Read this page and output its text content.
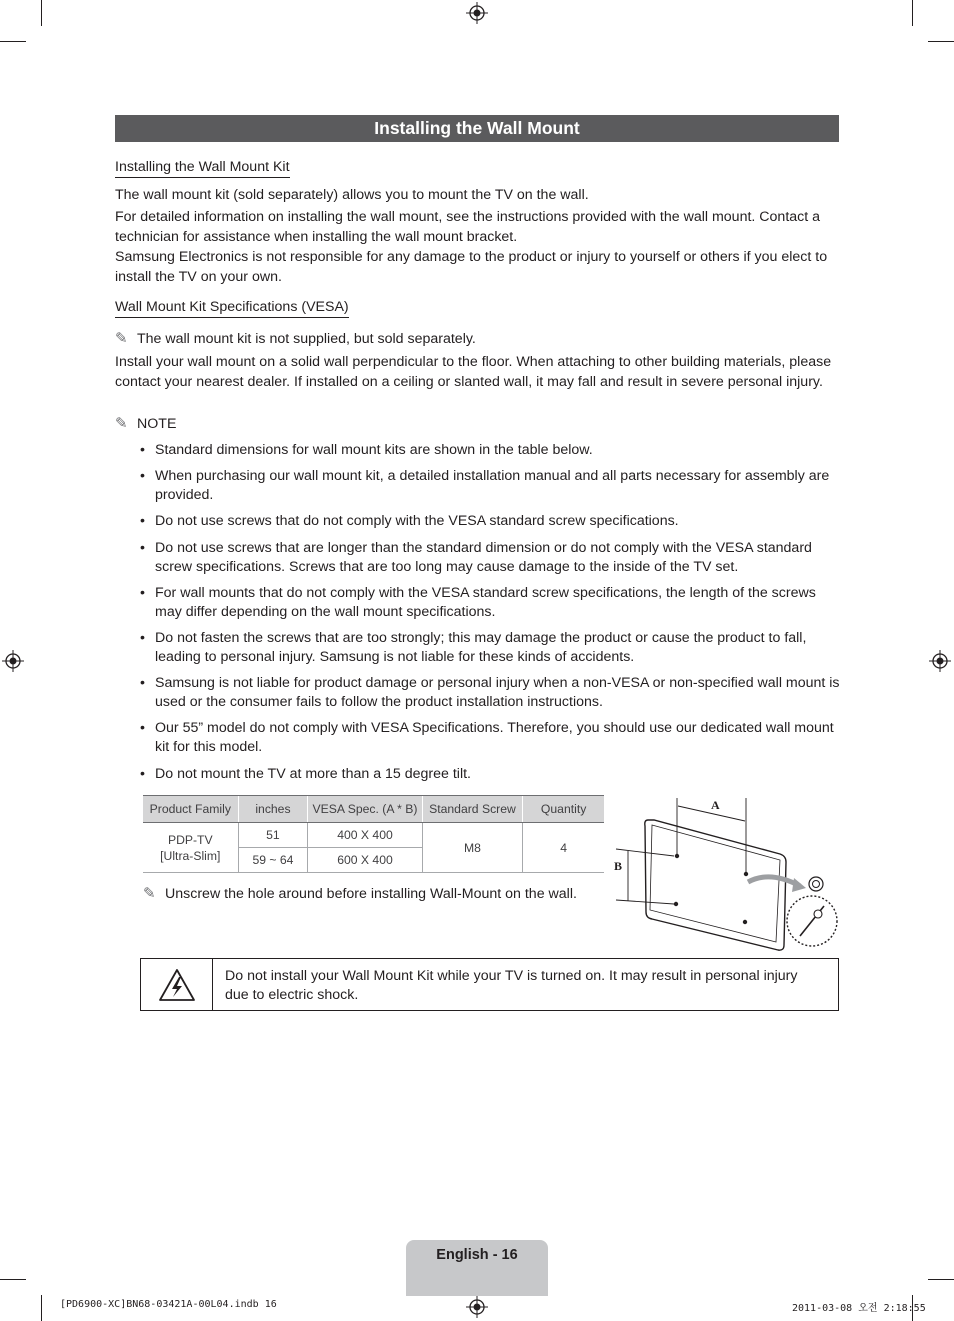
Installing the Wall Mount
Installing the Wall Mount Kit

The wall mount kit (sold separately) allows you to mount the TV on the wall.

For detailed information on installing the wall mount, see the instructions provided with the wall mount. Contact a technician for assistance when installing the wall mount bracket.

Samsung Electronics is not responsible for any damage to the product or injury to yourself or others if you elect to install the TV on your own.

Wall Mount Kit Specifications (VESA)
✎ The wall mount kit is not supplied, but sold separately.

Install your wall mount on a solid wall perpendicular to the floor. When attaching to other building materials, please contact your nearest dealer. If installed on a ceiling or slanted wall, it may fall and result in severe personal injury.

✎ NOTE

• Standard dimensions for wall mount kits are shown in the table below.

• When purchasing our wall mount kit, a detailed installation manual and all parts necessary for assembly are provided.

• Do not use screws that do not comply with the VESA standard screw specifications.

• Do not use screws that are longer than the standard dimension or do not comply with the VESA standard screw specifications. Screws that are too long may cause damage to the inside of the TV set.

• For wall mounts that do not comply with the VESA standard screw specifications, the length of the screws may differ depending on the wall mount specifications.

• Do not fasten the screws that are too strongly; this may damage the product or cause the product to fall, leading to personal injury. Samsung is not liable for these kinds of accidents.

• Samsung is not liable for product damage or personal injury when a non-VESA or non-specified wall mount is used or the consumer fails to follow the product installation instructions.

• Our 55” model do not comply with VESA Specifications. Therefore, you should use our dedicated wall mount kit for this model.

• Do not mount the TV at more than a 15 degree tilt.

Product Family	inches	VESA Spec. (A * B)	Standard Screw	Quantity
PDP-TV
[Ultra-Slim]	51	400 X 400	M8	4
	59 ~ 64	600 X 400		
✎ Unscrew the hole around before installing Wall-Mount on the wall.
A
B
Do not install your Wall Mount Kit while your TV is turned on. It may result in personal injury due to electric shock.
English - 16
[PD6900-XC]BN68-03421A-00L04.indb 16	2011-03-08 오전 2:18:55
